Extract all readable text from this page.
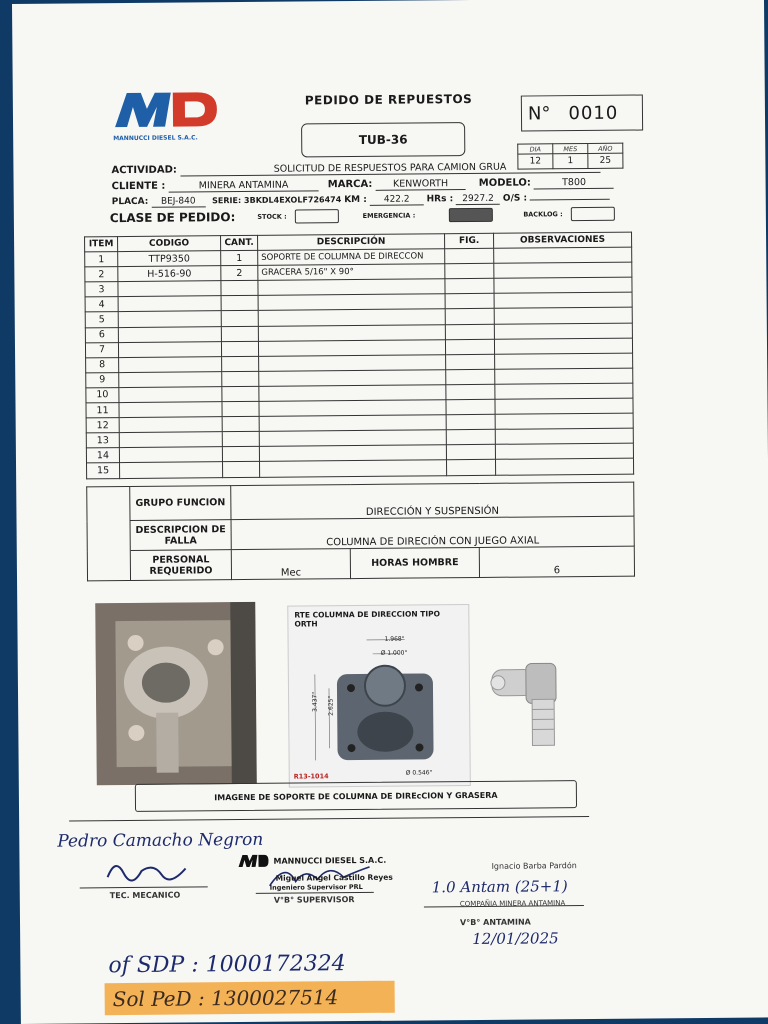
MANNUCCI DIESEL S.A.C.
PEDIDO DE REPUESTOS
TUB-36
N° 0010
DIA	MES	AÑO
12	1	25
ACTIVIDAD:	SOLICITUD DE RESPUESTOS PARA CAMION GRUA
CLIENTE :	MINERA ANTAMINA	MARCA: KENWORTH	MODELO:	T800
PLACA: BEJ-840 SERIE: 3BKDL4EXOLF726474 KM : 422.2 HRs : 2927.2 O/S :
CLASE DE PEDIDO:	STOCK :	EMERGENCIA :	BACKLOG :
ITEM	CODIGO	CANT.	DESCRIPCIÓN	FIG.	OBSERVACIONES
1	TTP9350	1	SOPORTE DE COLUMNA DE DIRECCON		
2	H-516-90	2	GRACERA 5/16" X 90°		
3					
4					
5					
6					
7					
8					
9					
10					
11					
12					
13					
14					
15					
	GRUPO FUNCION	DIRECCIÓN Y SUSPENSIÓN		
	DESCRIPCION DE FALLA	COLUMNA DE DIRECIÓN CON JUEGO AXIAL		
	PERSONAL REQUERIDO	Mec	HORAS HOMBRE	6
RTE COLUMNA DE DIRECCION TIPO
ORTH
1.968"
Ø 1.000"
3.437" 2.625"
Ø 0.546"
R13-1014
IMAGENE DE SOPORTE DE COLUMNA DE DIREcCION Y GRASERA
Pedro Camacho Negron
TEC. MECANICO
MANNUCCI DIESEL S.A.C.
Miguel Angel Castillo Reyes
Ingeniero Supervisor PRL
V°B° SUPERVISOR
Ignacio Barba Pardón
1.0 Antam (25+1)
COMPAÑIA MINERA ANTAMINA
V°B° ANTAMINA
12/01/2025
of SDP : 1000172324
Sol PeD : 1300027514
